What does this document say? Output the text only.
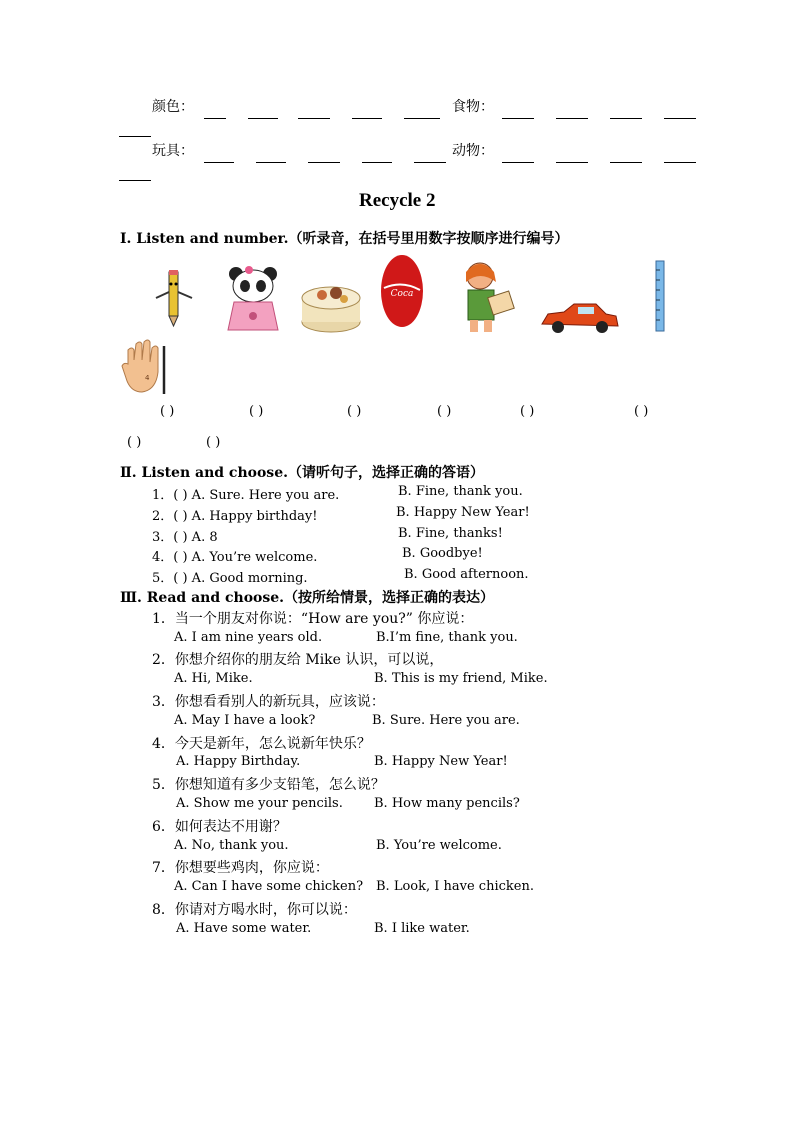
颜色：
	食物：

玩具：
	动物：

Recycle 2
Ⅰ. Listen and number.（听录音，在括号里用数字按顺序进行编号）
Coca
4
( )	( )	( )	( )	( )	( )
( )	( )
Ⅱ. Listen and choose.（请听句子，选择正确的答语）
1．( ) A. Sure. Here you are.	B. Fine, thank you.
2．( ) A. Happy birthday!	B. Happy New Year!
3．( ) A. 8	B. Fine, thanks!
4．( ) A. You’re welcome.	B. Goodbye!
5．( ) A. Good morning.	B. Good afternoon.
Ⅲ. Read and choose.（按所给情景，选择正确的表达）
1．当一个朋友对你说：“How are you?” 你应说：
A. I am nine years old.	B.I’m fine, thank you.
2．你想介绍你的朋友给 Mike 认识，可以说，
A. Hi, Mike.	B. This is my friend, Mike.
3．你想看看别人的新玩具，应该说：
A. May I have a look?	B. Sure. Here you are.
4．今天是新年，怎么说新年快乐？
A. Happy Birthday.	B. Happy New Year!
5．你想知道有多少支铅笔，怎么说？
A. Show me your pencils. B. How many pencils?
6．如何表达不用谢？
A. No, thank you.	B. You’re welcome.
7．你想要些鸡肉，你应说：
A. Can I have some chicken? B. Look, I have chicken.
8．你请对方喝水时，你可以说：
A. Have some water.	B. I like water.
